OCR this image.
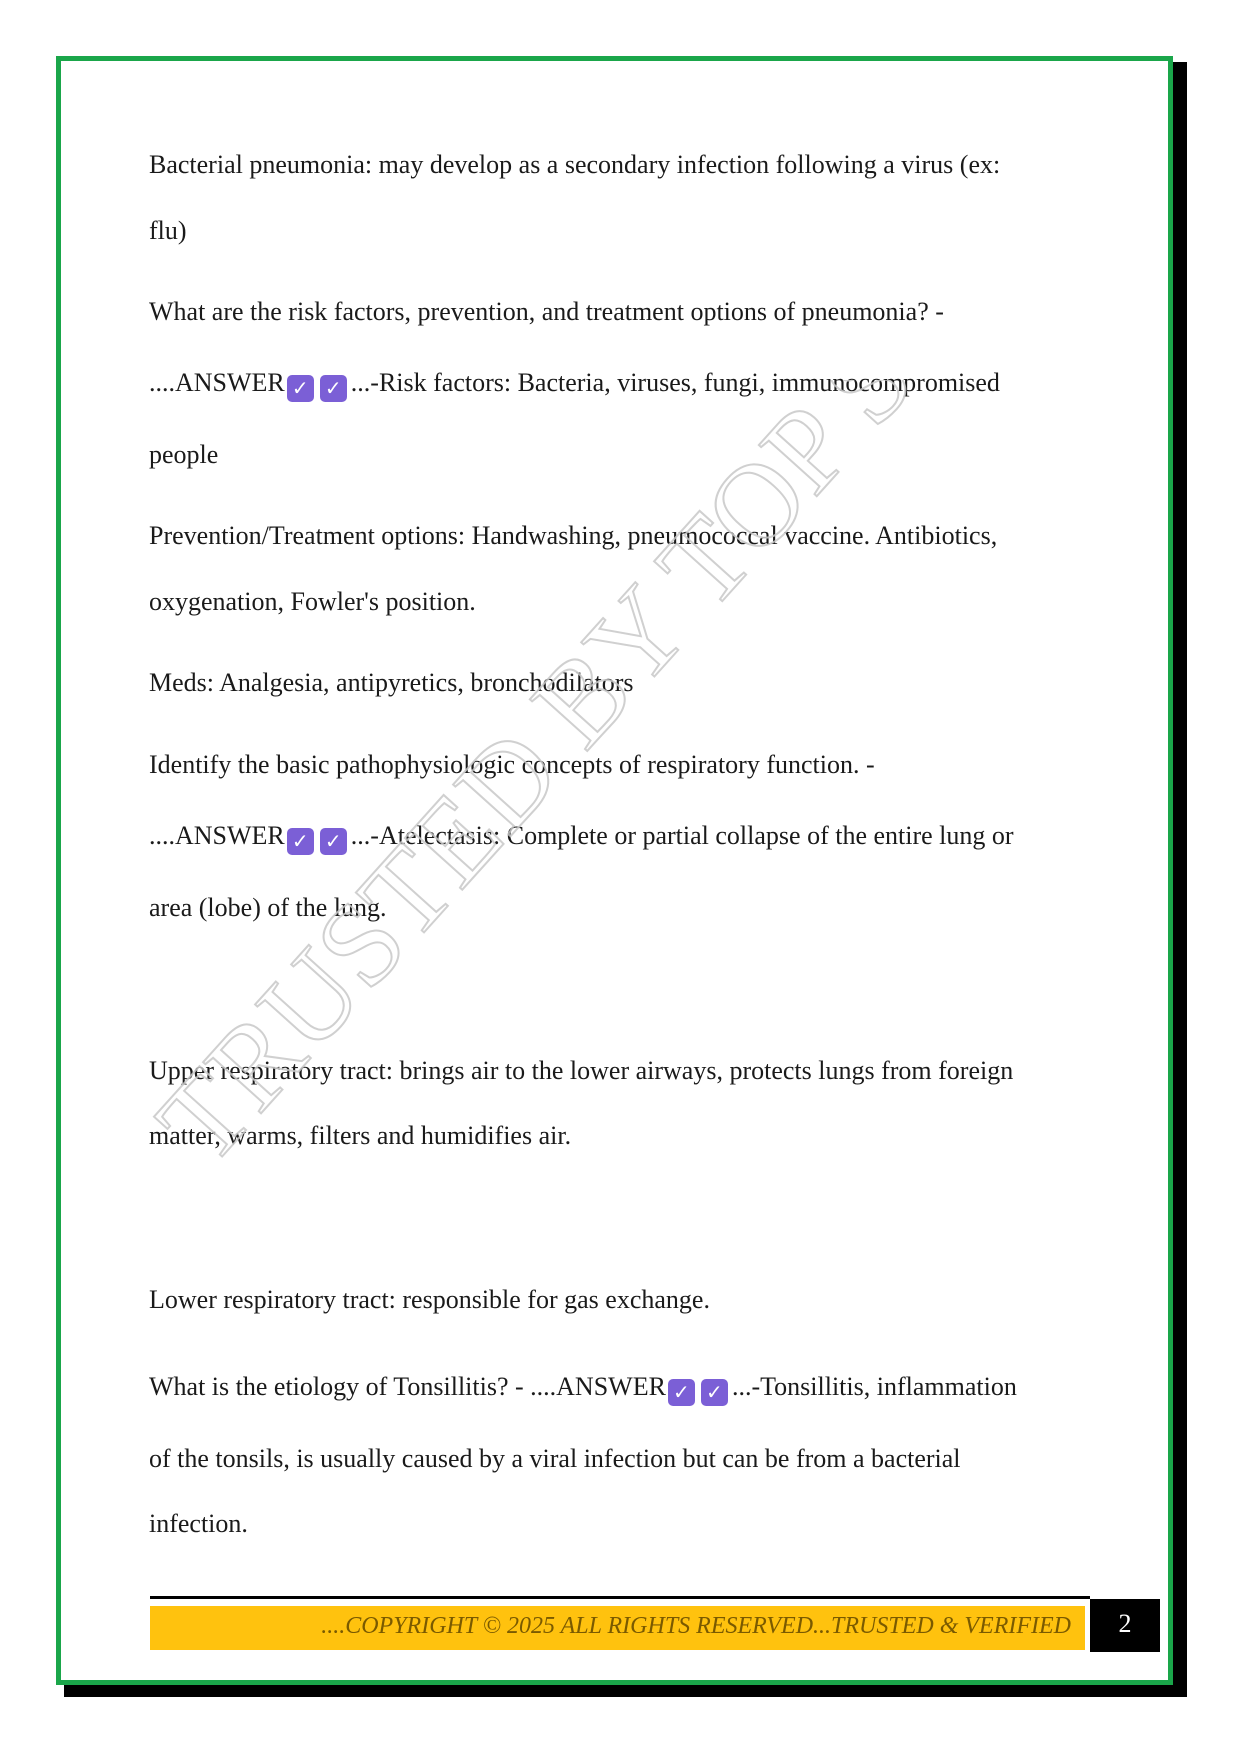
Bacterial pneumonia: may develop as a secondary infection following a virus (ex:
flu)
What are the risk factors, prevention, and treatment options of pneumonia? -
....ANSWER ✓ ✓ ...-Risk factors: Bacteria, viruses, fungi, immunocompromised
people
Prevention/Treatment options: Handwashing, pneumococcal vaccine. Antibiotics,
oxygenation, Fowler's position.
Meds: Analgesia, antipyretics, bronchodilators
Identify the basic pathophysiologic concepts of respiratory function. -
....ANSWER ✓ ✓ ...-Atelectasis: Complete or partial collapse of the entire lung or
area (lobe) of the lung.
Upper respiratory tract: brings air to the lower airways, protects lungs from foreign
matter, warms, filters and humidifies air.
Lower respiratory tract: responsible for gas exchange.
What is the etiology of Tonsillitis? - ....ANSWER ✓ ✓ ...-Tonsillitis, inflammation
of the tonsils, is usually caused by a viral infection but can be from a bacterial
infection.
....COPYRIGHT © 2025 ALL RIGHTS RESERVED...TRUSTED & VERIFIED	2
